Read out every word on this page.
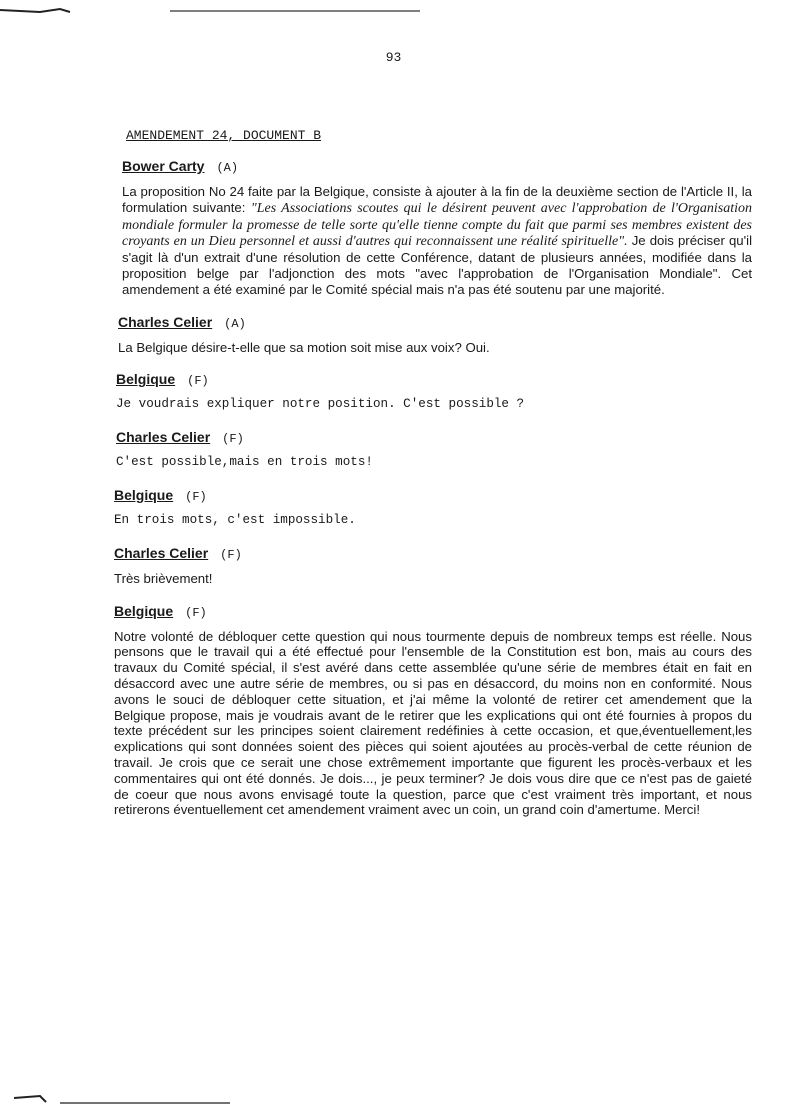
93
AMENDEMENT 24, DOCUMENT B
Bower Carty (A)

La proposition No 24 faite par la Belgique, consiste à ajouter à la fin de la deuxième section de l'Article II, la formulation suivante: "Les Associations scoutes qui le désirent peuvent avec l'approbation de l'Organisation mondiale formuler la promesse de telle sorte qu'elle tienne compte du fait que parmi ses membres existent des croyants en un Dieu personnel et aussi d'autres qui reconnaissent une réalité spirituelle". Je dois préciser qu'il s'agit là d'un extrait d'une résolution de cette Conférence, datant de plusieurs années, modifiée dans la proposition belge par l'adjonction des mots "avec l'approbation de l'Organisation Mondiale". Cet amendement a été examiné par le Comité spécial mais n'a pas été soutenu par une majorité.

Charles Celier (A)

La Belgique désire-t-elle que sa motion soit mise aux voix? Oui.

Belgique (F)

Je voudrais expliquer notre position. C'est possible ?

Charles Celier (F)

C'est possible,mais en trois mots!

Belgique (F)

En trois mots, c'est impossible.

Charles Celier (F)

Très brièvement!

Belgique (F)

Notre volonté de débloquer cette question qui nous tourmente depuis de nombreux temps est réelle. Nous pensons que le travail qui a été effectué pour l'ensemble de la Constitution est bon, mais au cours des travaux du Comité spécial, il s'est avéré dans cette assemblée qu'une série de membres était en fait en désaccord avec une autre série de membres, ou si pas en désaccord, du moins non en conformité. Nous avons le souci de débloquer cette situation, et j'ai même la volonté de retirer cet amendement que la Belgique propose, mais je voudrais avant de le retirer que les explications qui ont été fournies à propos du texte précédent sur les principes soient clairement redéfinies à cette occasion, et que,éventuellement,les explications qui sont données soient des pièces qui soient ajoutées au procès-verbal de cette réunion de travail. Je crois que ce serait une chose extrêmement importante que figurent les procès-verbaux et les commentaires qui ont été donnés. Je dois..., je peux terminer? Je dois vous dire que ce n'est pas de gaieté de coeur que nous avons envisagé toute la question, parce que c'est vraiment très important, et nous retirerons éventuellement cet amendement vraiment avec un coin, un grand coin d'amertume. Merci!
